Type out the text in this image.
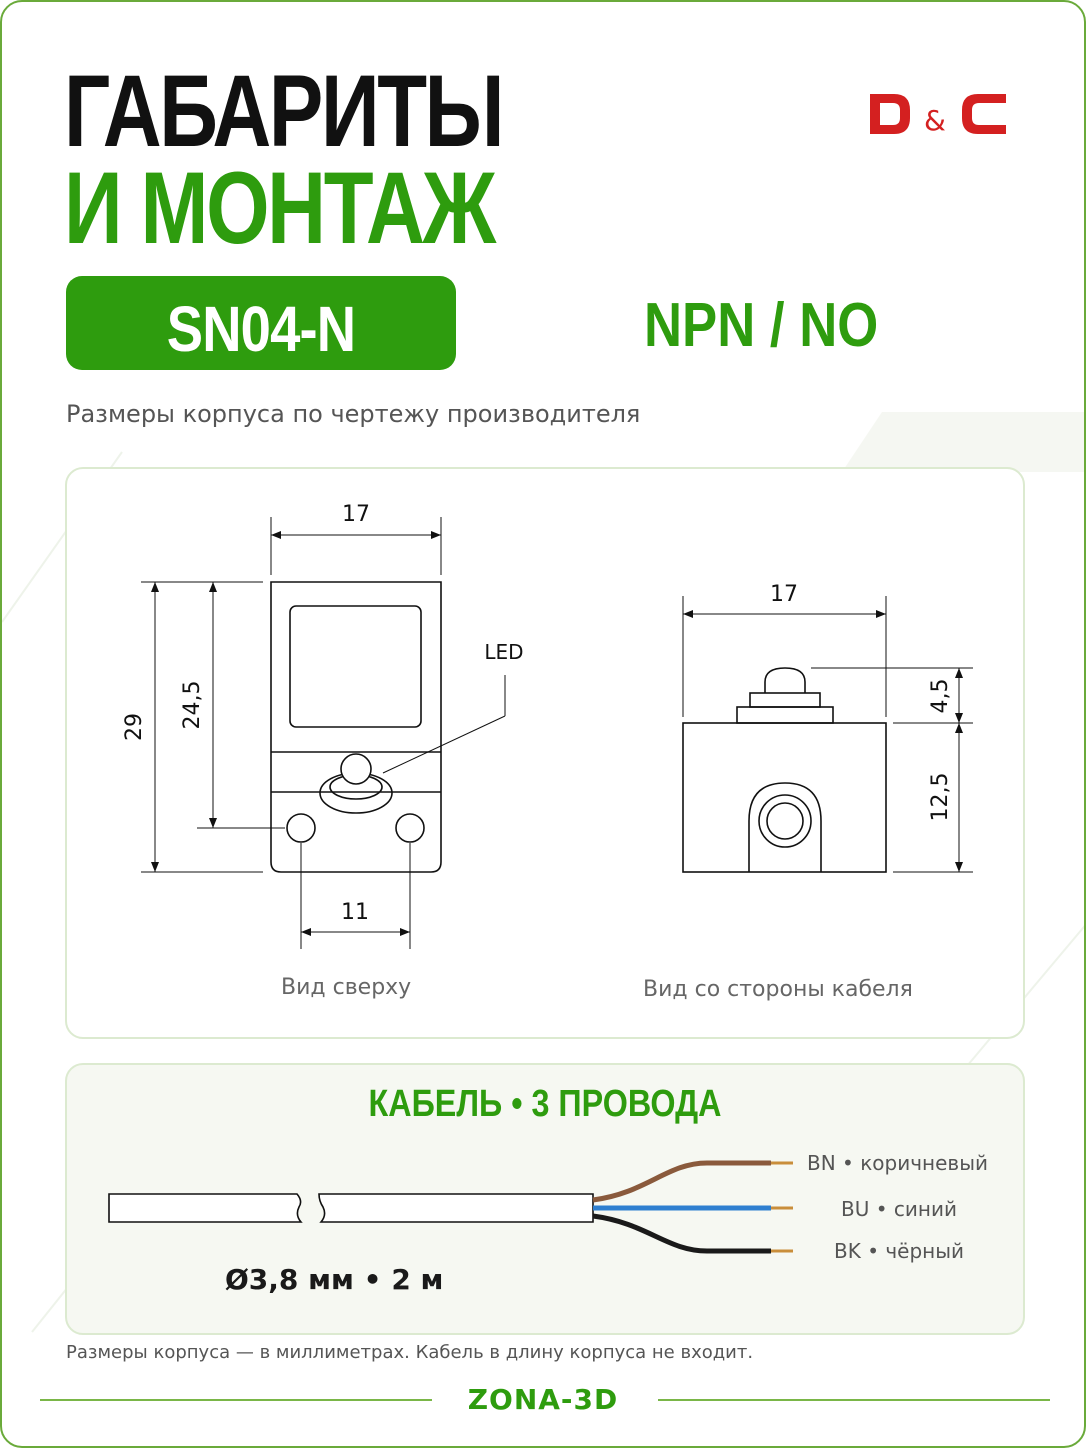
ГАБАРИТЫ
И МОНТАЖ
&
SN04-N	NPN / NO
Размеры корпуса по чертежу производителя
17
29 24,5
11
LED
17
4,5
12,5
Вид сверху	Вид со стороны кабеля
КАБЕЛЬ • 3 ПРОВОДА
BN • коричневый
BU • синий
BK • чёрный
Ø3,8 мм • 2 м
Размеры корпуса — в миллиметрах. Кабель в длину корпуса не входит.
ZONA-3D
